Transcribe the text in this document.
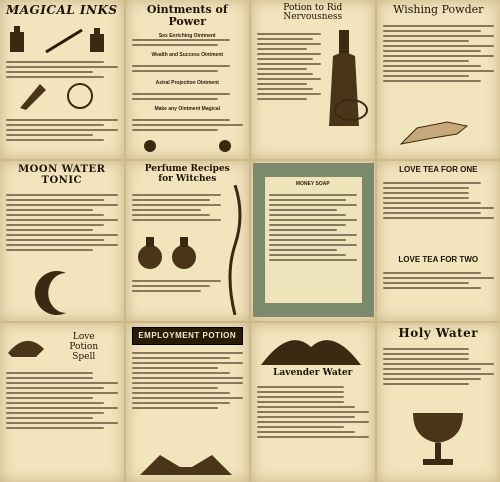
MAGICAL INKS	Ointments of Power
Sex Enriching Ointment
Wealth and Success Ointment
Astral Projection Ointment
Make any Ointment Magical
Potion to Rid
Nervousness
Wishing Powder
MOON WATER
TONIC
Perfume Recipes
for Witches
MONEY SOAP
LOVE TEA FOR ONE
LOVE TEA FOR TWO
Love
Potion
Spell
EMPLOYMENT POTION
Lavender Water
Holy Water
